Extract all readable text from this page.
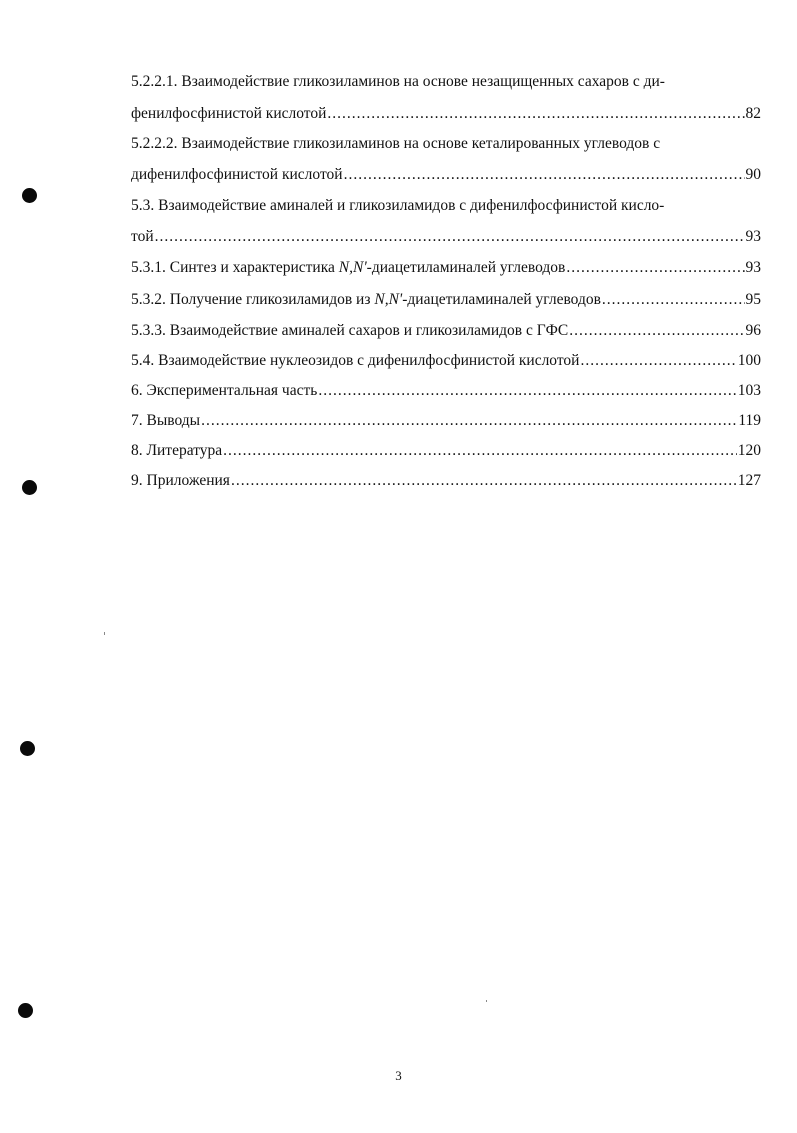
5.2.2.1. Взаимодействие гликозиламинов на основе незащищенных сахаров с ди-
фенилфосфинистой кислотой .....	82
5.2.2.2. Взаимодействие гликозиламинов на основе кеталированных углеводов с
дифенилфосфинистой кислотой .....	90
5.3. Взаимодействие аминалей и гликозиламидов с дифенилфосфинистой кисло-
той .....	93
5.3.1. Синтез и характеристика N,N'-диацетиламиналей углеводов .....	93
5.3.2. Получение гликозиламидов из N,N'-диацетиламиналей углеводов .....	95
5.3.3. Взаимодействие аминалей сахаров и гликозиламидов с ГФС .....	96
5.4. Взаимодействие нуклеозидов с дифенилфосфинистой кислотой .....	100
6. Экспериментальная часть .....	103
7. Выводы .....	119
8. Литература .....	120
9. Приложения .....	127
3
